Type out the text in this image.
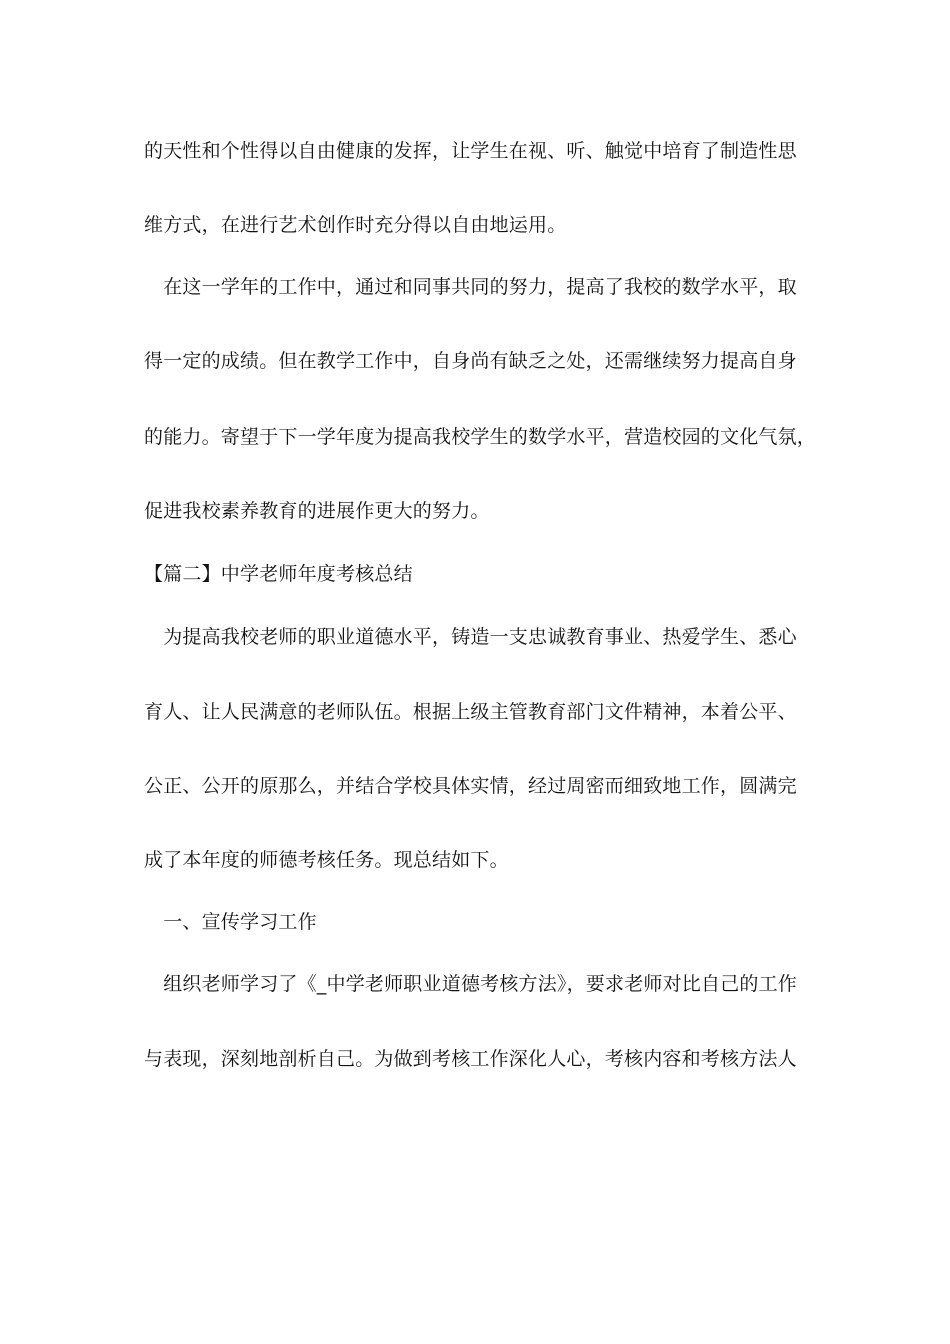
的天性和个性得以自由健康的发挥，让学生在视、听、触觉中培育了制造性思
维方式，在进行艺术创作时充分得以自由地运用。
　在这一学年的工作中，通过和同事共同的努力，提高了我校的数学水平，取
得一定的成绩。但在教学工作中，自身尚有缺乏之处，还需继续努力提高自身
的能力。寄望于下一学年度为提高我校学生的数学水平，营造校园的文化气氛，
促进我校素养教育的进展作更大的努力。
【篇二】中学老师年度考核总结
　为提高我校老师的职业道德水平，铸造一支忠诚教育事业、热爱学生、悉心
育人、让人民满意的老师队伍。根据上级主管教育部门文件精神，本着公平、
公正、公开的原那么，并结合学校具体实情，经过周密而细致地工作，圆满完
成了本年度的师德考核任务。现总结如下。
　一、宣传学习工作
　组织老师学习了《_中学老师职业道德考核方法》，要求老师对比自己的工作
与表现，深刻地剖析自己。为做到考核工作深化人心，考核内容和考核方法人
